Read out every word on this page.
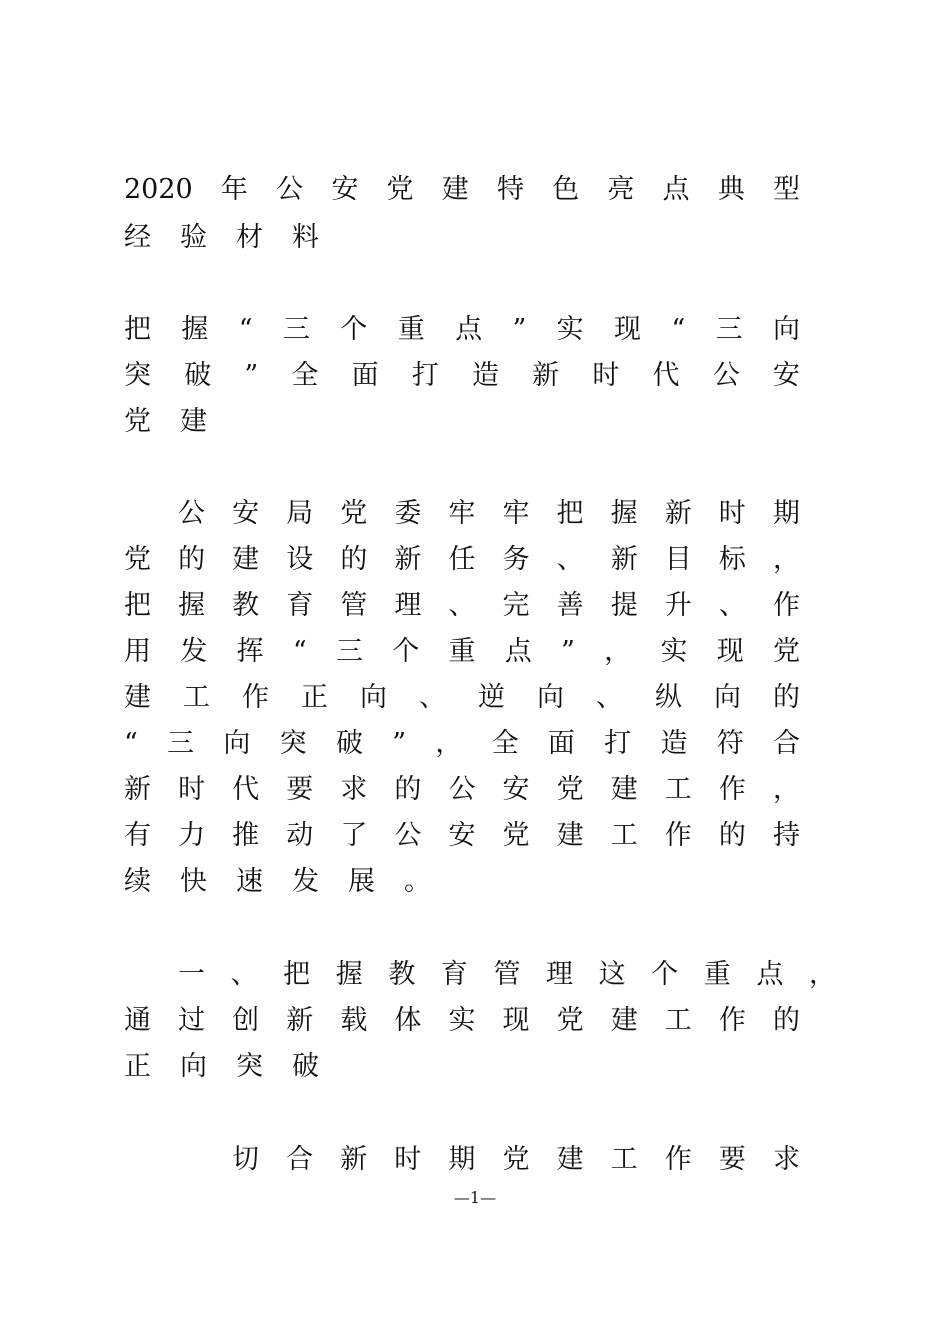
2020 年 公 安 党 建 特 色 亮 点 典 型
经 验 材 料
把 握 “ 三 个 重 点 ” 实 现 “ 三 向
突 破 ” 全 面 打 造 新 时 代 公 安
党 建
公 安 局 党 委 牢 牢 把 握 新 时 期
党 的 建 设 的 新 任 务 、 新 目 标 ，
把 握 教 育 管 理 、 完 善 提 升 、 作
用 发 挥 “ 三 个 重 点 ” ， 实 现 党
建 工 作 正 向 、 逆 向 、 纵 向 的
“ 三 向 突 破 ” ， 全 面 打 造 符 合
新 时 代 要 求 的 公 安 党 建 工 作 ，
有 力 推 动 了 公 安 党 建 工 作 的 持
续 快 速 发 展 。
一 、 把 握 教 育 管 理 这 个 重 点 ，
通 过 创 新 载 体 实 现 党 建 工 作 的
正 向 突 破
切 合 新 时 期 党 建 工 作 要 求
—1—
